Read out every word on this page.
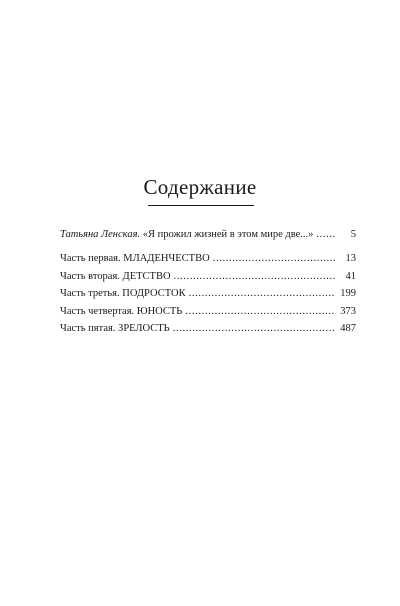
Содержание
Татьяна Ленская. «Я прожил жизней в этом мире две...» . . .	5
Часть первая. МЛАДЕНЧЕСТВО . . .	13
Часть вторая. ДЕТСТВО . . .	41
Часть третья. ПОДРОСТОК . . .	199
Часть четвертая. ЮНОСТЬ . . .	373
Часть пятая. ЗРЕЛОСТЬ . . .	487
